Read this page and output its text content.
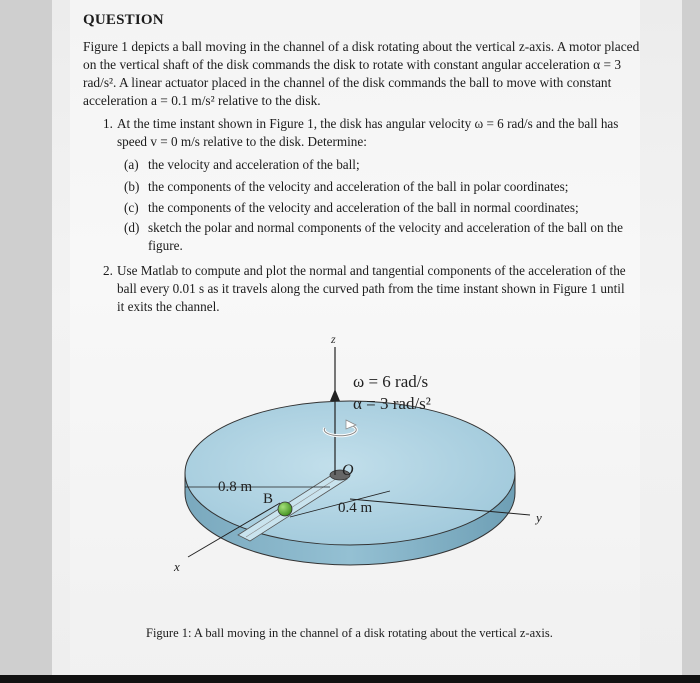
QUESTION
Figure 1 depicts a ball moving in the channel of a disk rotating about the vertical z-axis. A motor placed on the vertical shaft of the disk commands the disk to rotate with constant angular acceleration α = 3 rad/s². A linear actuator placed in the channel of the disk commands the ball to move with constant acceleration a = 0.1 m/s² relative to the disk.
1. At the time instant shown in Figure 1, the disk has angular velocity ω = 6 rad/s and the ball has speed v = 0 m/s relative to the disk. Determine:
(a) the velocity and acceleration of the ball;
(b) the components of the velocity and acceleration of the ball in polar coordinates;
(c) the components of the velocity and acceleration of the ball in normal coordinates;
(d) sketch the polar and normal components of the velocity and acceleration of the ball on the figure.
2. Use Matlab to compute and plot the normal and tangential components of the acceleration of the ball every 0.01 s as it travels along the curved path from the time instant shown in Figure 1 until it exits the channel.
z
ω = 6 rad/s
α = 3 rad/s²
O
0.8 m
B
0.4 m
y
x
Figure 1: A ball moving in the channel of a disk rotating about the vertical z-axis.
